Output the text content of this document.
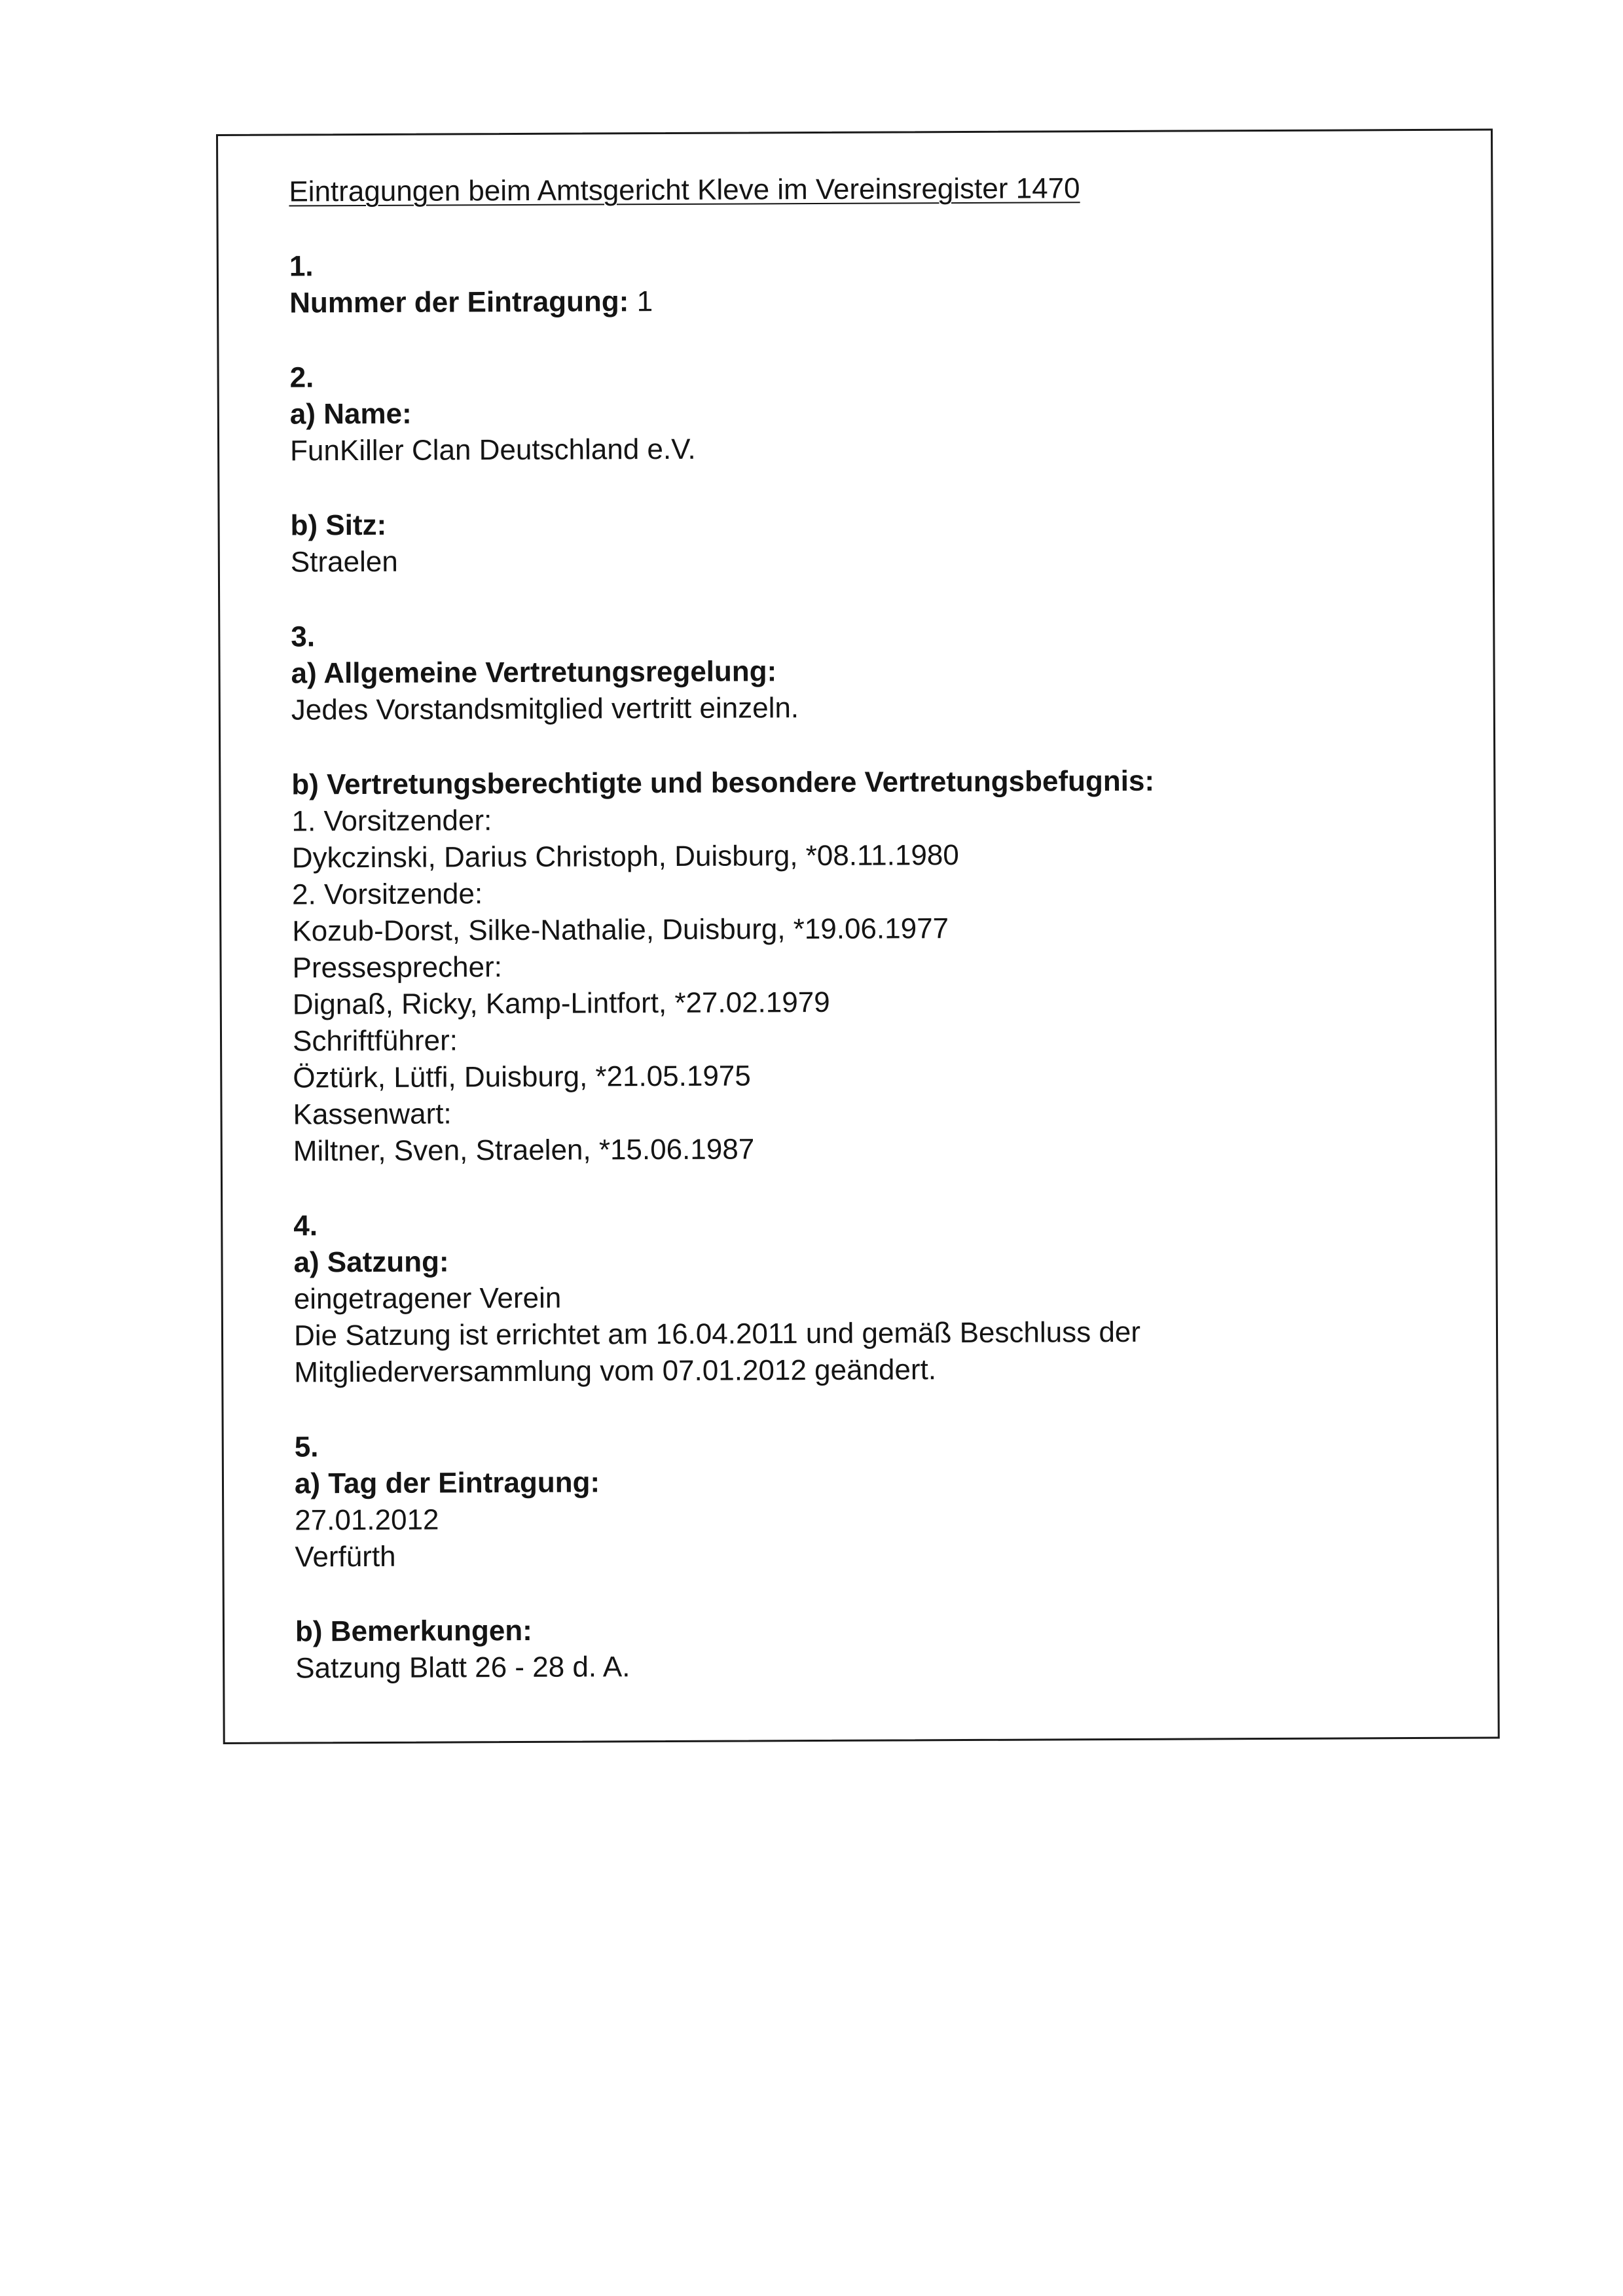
Eintragungen beim Amtsgericht Kleve im Vereinsregister 1470
1.
Nummer der Eintragung: 1
2.
a) Name:
FunKiller Clan Deutschland e.V.
b) Sitz:
Straelen
3.
a) Allgemeine Vertretungsregelung:
Jedes Vorstandsmitglied vertritt einzeln.
b) Vertretungsberechtigte und besondere Vertretungsbefugnis:
1. Vorsitzender:
Dykczinski, Darius Christoph, Duisburg, *08.11.1980
2. Vorsitzende:
Kozub-Dorst, Silke-Nathalie, Duisburg, *19.06.1977
Pressesprecher:
Dignaß, Ricky, Kamp-Lintfort, *27.02.1979
Schriftführer:
Öztürk, Lütfi, Duisburg, *21.05.1975
Kassenwart:
Miltner, Sven, Straelen, *15.06.1987
4.
a) Satzung:
eingetragener Verein
Die Satzung ist errichtet am 16.04.2011 und gemäß Beschluss der
Mitgliederversammlung vom 07.01.2012 geändert.
5.
a) Tag der Eintragung:
27.01.2012
Verfürth
b) Bemerkungen:
Satzung Blatt 26 - 28 d. A.
